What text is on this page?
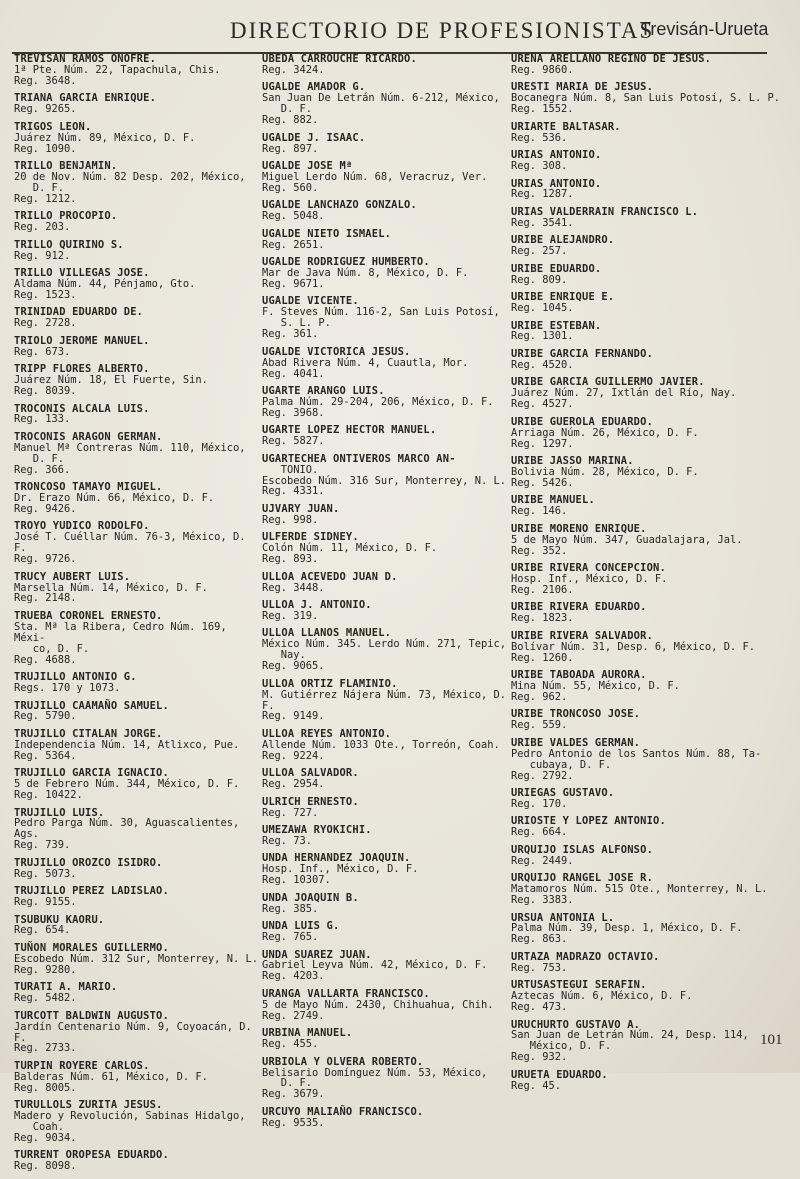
DIRECTORIO DE PROFESIONISTAS
Trevisán-Urueta
TREVISAN RAMOS ONOFRE.
1ª Pte. Núm. 22, Tapachula, Chis.
Reg. 3648.
TRIANA GARCIA ENRIQUE.
Reg. 9265.
TRIGOS LEON.
Juárez Núm. 89, México, D. F.
Reg. 1090.
TRILLO BENJAMIN.
20 de Nov. Núm. 82 Desp. 202, México,
D. F.
Reg. 1212.
TRILLO PROCOPIO.
Reg. 203.
TRILLO QUIRINO S.
Reg. 912.
TRILLO VILLEGAS JOSE.
Aldama Núm. 44, Pénjamo, Gto.
Reg. 1523.
TRINIDAD EDUARDO DE.
Reg. 2728.
TRIOLO JEROME MANUEL.
Reg. 673.
TRIPP FLORES ALBERTO.
Juárez Núm. 18, El Fuerte, Sin.
Reg. 8039.
TROCONIS ALCALA LUIS.
Reg. 133.
TROCONIS ARAGON GERMAN.
Manuel Mª Contreras Núm. 110, México,
D. F.
Reg. 366.
TRONCOSO TAMAYO MIGUEL.
Dr. Erazo Núm. 66, México, D. F.
Reg. 9426.
TROYO YUDICO RODOLFO.
José T. Cuéllar Núm. 76-3, México, D. F.
Reg. 9726.
TRUCY AUBERT LUIS.
Marsella Núm. 14, México, D. F.
Reg. 2148.
TRUEBA CORONEL ERNESTO.
Sta. Mª la Ribera, Cedro Núm. 169, Méxi-
co, D. F.
Reg. 4688.
TRUJILLO ANTONIO G.
Regs. 170 y 1073.
TRUJILLO CAAMAÑO SAMUEL.
Reg. 5790.
TRUJILLO CITALAN JORGE.
Independencia Núm. 14, Atlixco, Pue.
Reg. 5364.
TRUJILLO GARCIA IGNACIO.
5 de Febrero Núm. 344, México, D. F.
Reg. 10422.
TRUJILLO LUIS.
Pedro Parga Núm. 30, Aguascalientes, Ags.
Reg. 739.
TRUJILLO OROZCO ISIDRO.
Reg. 5073.
TRUJILLO PEREZ LADISLAO.
Reg. 9155.
TSUBUKU KAORU.
Reg. 654.
TUÑON MORALES GUILLERMO.
Escobedo Núm. 312 Sur, Monterrey, N. L.
Reg. 9280.
TURATI A. MARIO.
Reg. 5482.
TURCOTT BALDWIN AUGUSTO.
Jardín Centenario Núm. 9, Coyoacán, D. F.
Reg. 2733.
TURPIN ROYERE CARLOS.
Balderas Núm. 61, México, D. F.
Reg. 8005.
TURULLOLS ZURITA JESUS.
Madero y Revolución, Sabinas Hidalgo,
Coah.
Reg. 9034.
TURRENT OROPESA EDUARDO.
Reg. 8098.
UBEDA CARROUCHE RICARDO.
Reg. 3424.
UGALDE AMADOR G.
San Juan De Letrán Núm. 6-212, México,
D. F.
Reg. 882.
UGALDE J. ISAAC.
Reg. 897.
UGALDE JOSE Mª
Miguel Lerdo Núm. 68, Veracruz, Ver.
Reg. 560.
UGALDE LANCHAZO GONZALO.
Reg. 5048.
UGALDE NIETO ISMAEL.
Reg. 2651.
UGALDE RODRIGUEZ HUMBERTO.
Mar de Java Núm. 8, México, D. F.
Reg. 9671.
UGALDE VICENTE.
F. Steves Núm. 116-2, San Luis Potosí,
S. L. P.
Reg. 361.
UGALDE VICTORICA JESUS.
Abad Rivera Núm. 4, Cuautla, Mor.
Reg. 4041.
UGARTE ARANGO LUIS.
Palma Núm. 29-204, 206, México, D. F.
Reg. 3968.
UGARTE LOPEZ HECTOR MANUEL.
Reg. 5827.
UGARTECHEA ONTIVEROS MARCO AN-
TONIO.
Escobedo Núm. 316 Sur, Monterrey, N. L.
Reg. 4331.
UJVARY JUAN.
Reg. 998.
ULFERDE SIDNEY.
Colón Núm. 11, México, D. F.
Reg. 893.
ULLOA ACEVEDO JUAN D.
Reg. 3448.
ULLOA J. ANTONIO.
Reg. 319.
ULLOA LLANOS MANUEL.
México Núm. 345. Lerdo Núm. 271, Tepic,
Nay.
Reg. 9065.
ULLOA ORTIZ FLAMINIO.
M. Gutiérrez Nájera Núm. 73, México, D. F.
Reg. 9149.
ULLOA REYES ANTONIO.
Allende Núm. 1033 Ote., Torreón, Coah.
Reg. 9224.
ULLOA SALVADOR.
Reg. 2954.
ULRICH ERNESTO.
Reg. 727.
UMEZAWA RYOKICHI.
Reg. 73.
UNDA HERNANDEZ JOAQUIN.
Hosp. Inf., México, D. F.
Reg. 10307.
UNDA JOAQUIN B.
Reg. 385.
UNDA LUIS G.
Reg. 765.
UNDA SUAREZ JUAN.
Gabriel Leyva Núm. 42, México, D. F.
Reg. 4203.
URANGA VALLARTA FRANCISCO.
5 de Mayo Núm. 2430, Chihuahua, Chih.
Reg. 2749.
URBINA MANUEL.
Reg. 455.
URBIOLA Y OLVERA ROBERTO.
Belisario Domínguez Núm. 53, México,
D. F.
Reg. 3679.
URCUYO MALIAÑO FRANCISCO.
Reg. 9535.
UREÑA ARELLANO REGINO DE JESUS.
Reg. 9860.
URESTI MARIA DE JESUS.
Bocanegra Núm. 8, San Luis Potosí, S. L. P.
Reg. 1552.
URIARTE BALTASAR.
Reg. 536.
URIAS ANTONIO.
Reg. 308.
URIAS ANTONIO.
Reg. 1287.
URIAS VALDERRAIN FRANCISCO L.
Reg. 3541.
URIBE ALEJANDRO.
Reg. 257.
URIBE EDUARDO.
Reg. 809.
URIBE ENRIQUE E.
Reg. 1045.
URIBE ESTEBAN.
Reg. 1301.
URIBE GARCIA FERNANDO.
Reg. 4520.
URIBE GARCIA GUILLERMO JAVIER.
Juárez Núm. 27, Ixtlán del Río, Nay.
Reg. 4527.
URIBE GUEROLA EDUARDO.
Arriaga Núm. 26, México, D. F.
Reg. 1297.
URIBE JASSO MARINA.
Bolivia Núm. 28, México, D. F.
Reg. 5426.
URIBE MANUEL.
Reg. 146.
URIBE MORENO ENRIQUE.
5 de Mayo Núm. 347, Guadalajara, Jal.
Reg. 352.
URIBE RIVERA CONCEPCION.
Hosp. Inf., México, D. F.
Reg. 2106.
URIBE RIVERA EDUARDO.
Reg. 1823.
URIBE RIVERA SALVADOR.
Bolívar Núm. 31, Desp. 6, México, D. F.
Reg. 1260.
URIBE TABOADA AURORA.
Mina Núm. 55, México, D. F.
Reg. 962.
URIBE TRONCOSO JOSE.
Reg. 559.
URIBE VALDES GERMAN.
Pedro Antonio de los Santos Núm. 88, Ta-
cubaya, D. F.
Reg. 2792.
URIEGAS GUSTAVO.
Reg. 170.
URIOSTE Y LOPEZ ANTONIO.
Reg. 664.
URQUIJO ISLAS ALFONSO.
Reg. 2449.
URQUIJO RANGEL JOSE R.
Matamoros Núm. 515 Ote., Monterrey, N. L.
Reg. 3383.
URSUA ANTONIA L.
Palma Núm. 39, Desp. 1, México, D. F.
Reg. 863.
URTAZA MADRAZO OCTAVIO.
Reg. 753.
URTUSASTEGUI SERAFIN.
Aztecas Núm. 6, México, D. F.
Reg. 473.
URUCHURTO GUSTAVO A.
San Juan de Letrán Núm. 24, Desp. 114,
México, D. F.
Reg. 932.
URUETA EDUARDO.
Reg. 45.
101
